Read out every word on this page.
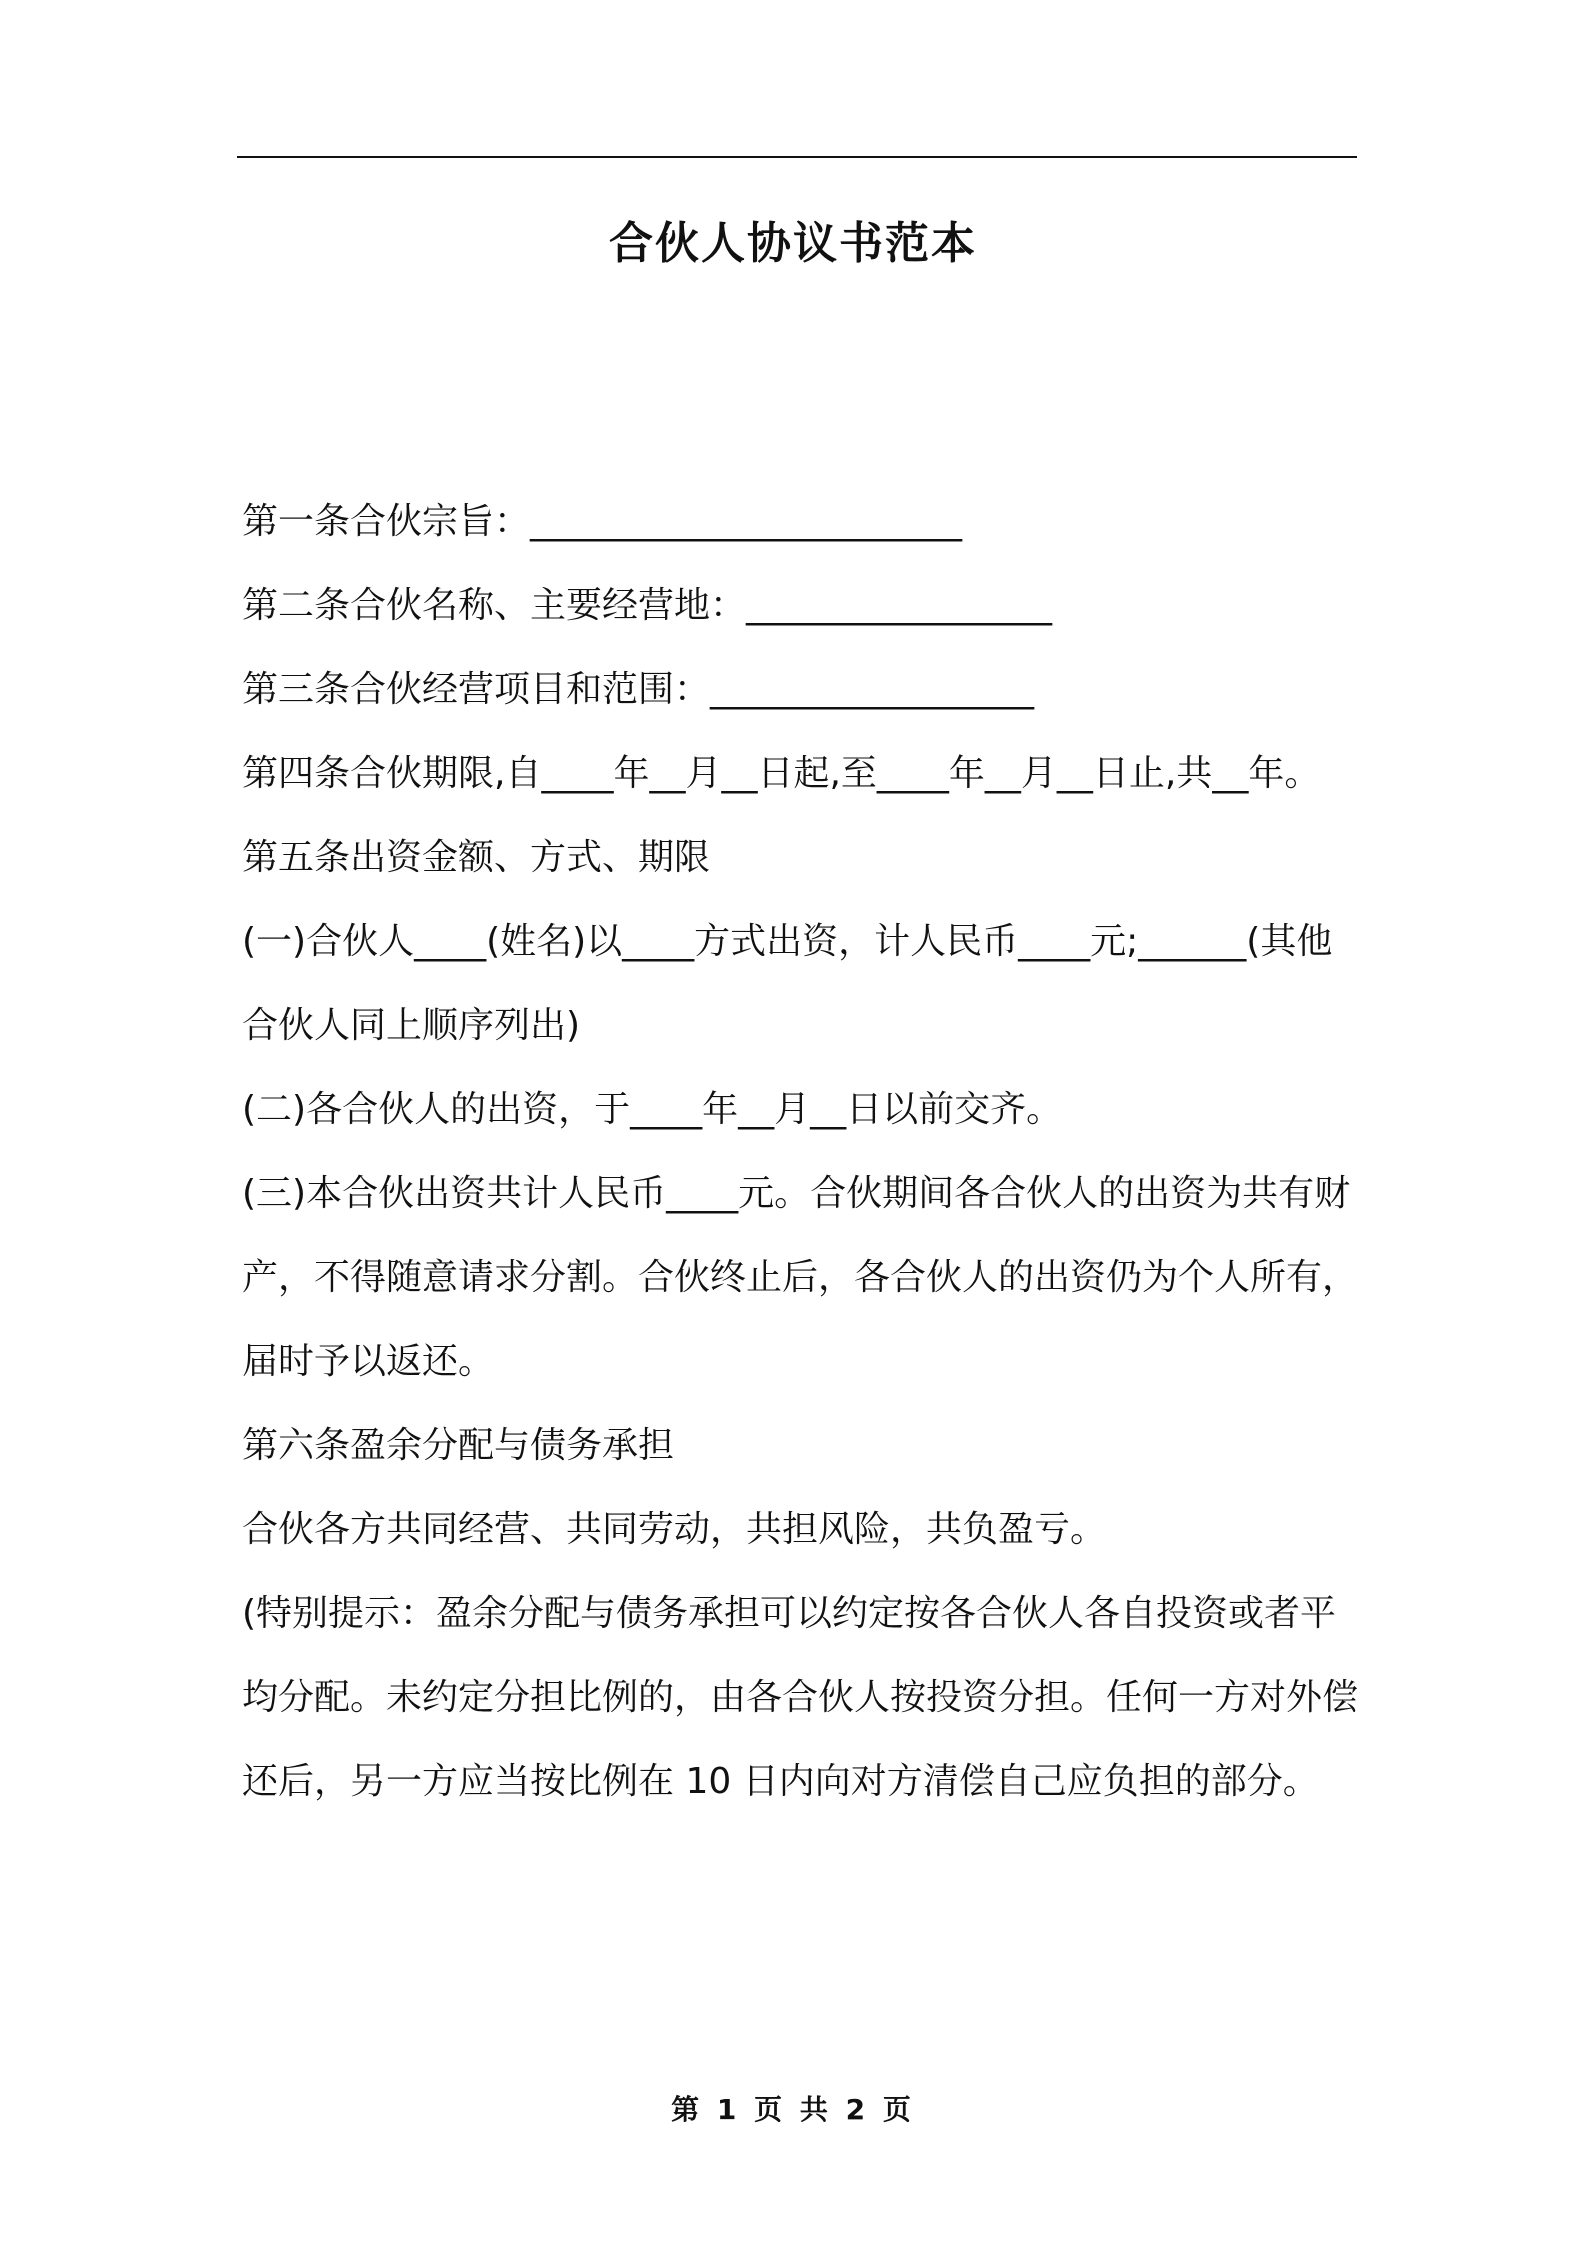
合伙人协议书范本

第一条合伙宗旨：________________________

第二条合伙名称、主要经营地：_________________

第三条合伙经营项目和范围：__________________

第四条合伙期限,自____年__月__日起,至____年__月__日止,共__年。

第五条出资金额、方式、期限

(一)合伙人____(姓名)以____方式出资，计人民币____元;______(其他合伙人同上顺序列出)

(二)各合伙人的出资，于____年__月__日以前交齐。

(三)本合伙出资共计人民币____元。合伙期间各合伙人的出资为共有财产，不得随意请求分割。合伙终止后，各合伙人的出资仍为个人所有，届时予以返还。

第六条盈余分配与债务承担

合伙各方共同经营、共同劳动，共担风险，共负盈亏。

(特别提示：盈余分配与债务承担可以约定按各合伙人各自投资或者平均分配。未约定分担比例的，由各合伙人按投资分担。任何一方对外偿还后，另一方应当按比例在 10 日内向对方清偿自己应负担的部分。

第 1 页 共 2 页
